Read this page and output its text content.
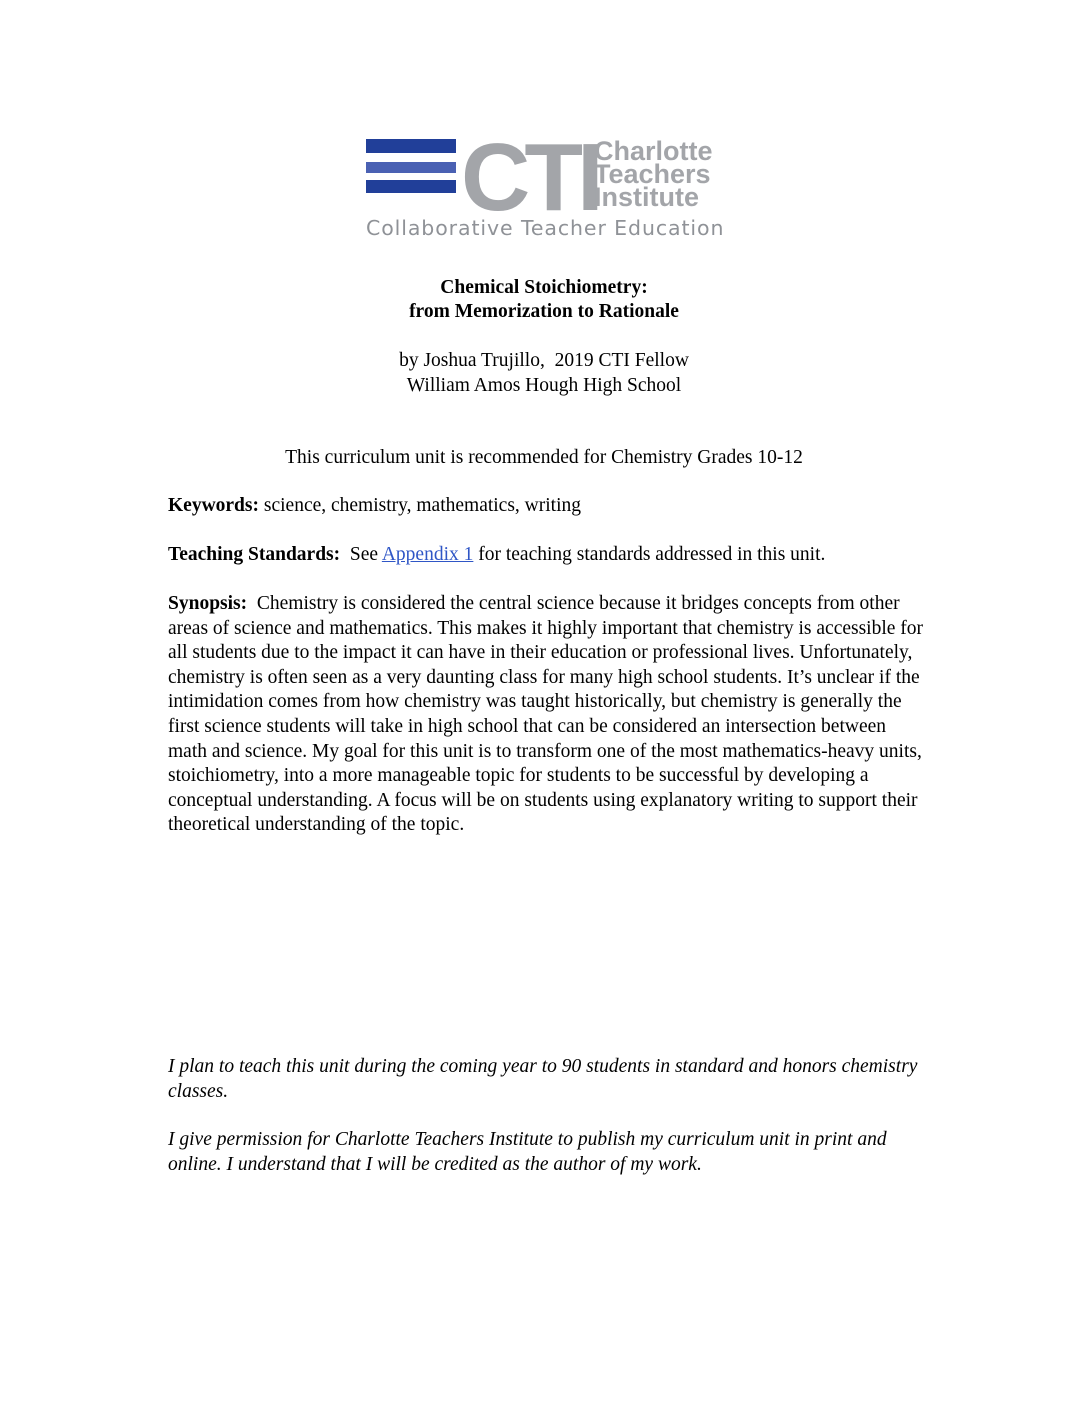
CTI
Charlotte
Teachers
Institute
Collaborative Teacher Education
Chemical Stoichiometry:
from Memorization to Rationale
by Joshua Trujillo,  2019 CTI Fellow
William Amos Hough High School
This curriculum unit is recommended for Chemistry Grades 10-12
Keywords: science, chemistry, mathematics, writing
Teaching Standards:  See Appendix 1 for teaching standards addressed in this unit.
Synopsis:  Chemistry is considered the central science because it bridges concepts from other areas of science and mathematics. This makes it highly important that chemistry is accessible for all students due to the impact it can have in their education or professional lives. Unfortunately, chemistry is often seen as a very daunting class for many high school students. It’s unclear if the intimidation comes from how chemistry was taught historically, but chemistry is generally the first science students will take in high school that can be considered an intersection between math and science. My goal for this unit is to transform one of the most mathematics-heavy units, stoichiometry, into a more manageable topic for students to be successful by developing a conceptual understanding. A focus will be on students using explanatory writing to support their theoretical understanding of the topic.
I plan to teach this unit during the coming year to 90 students in standard and honors chemistry classes.
I give permission for Charlotte Teachers Institute to publish my curriculum unit in print and online. I understand that I will be credited as the author of my work.
